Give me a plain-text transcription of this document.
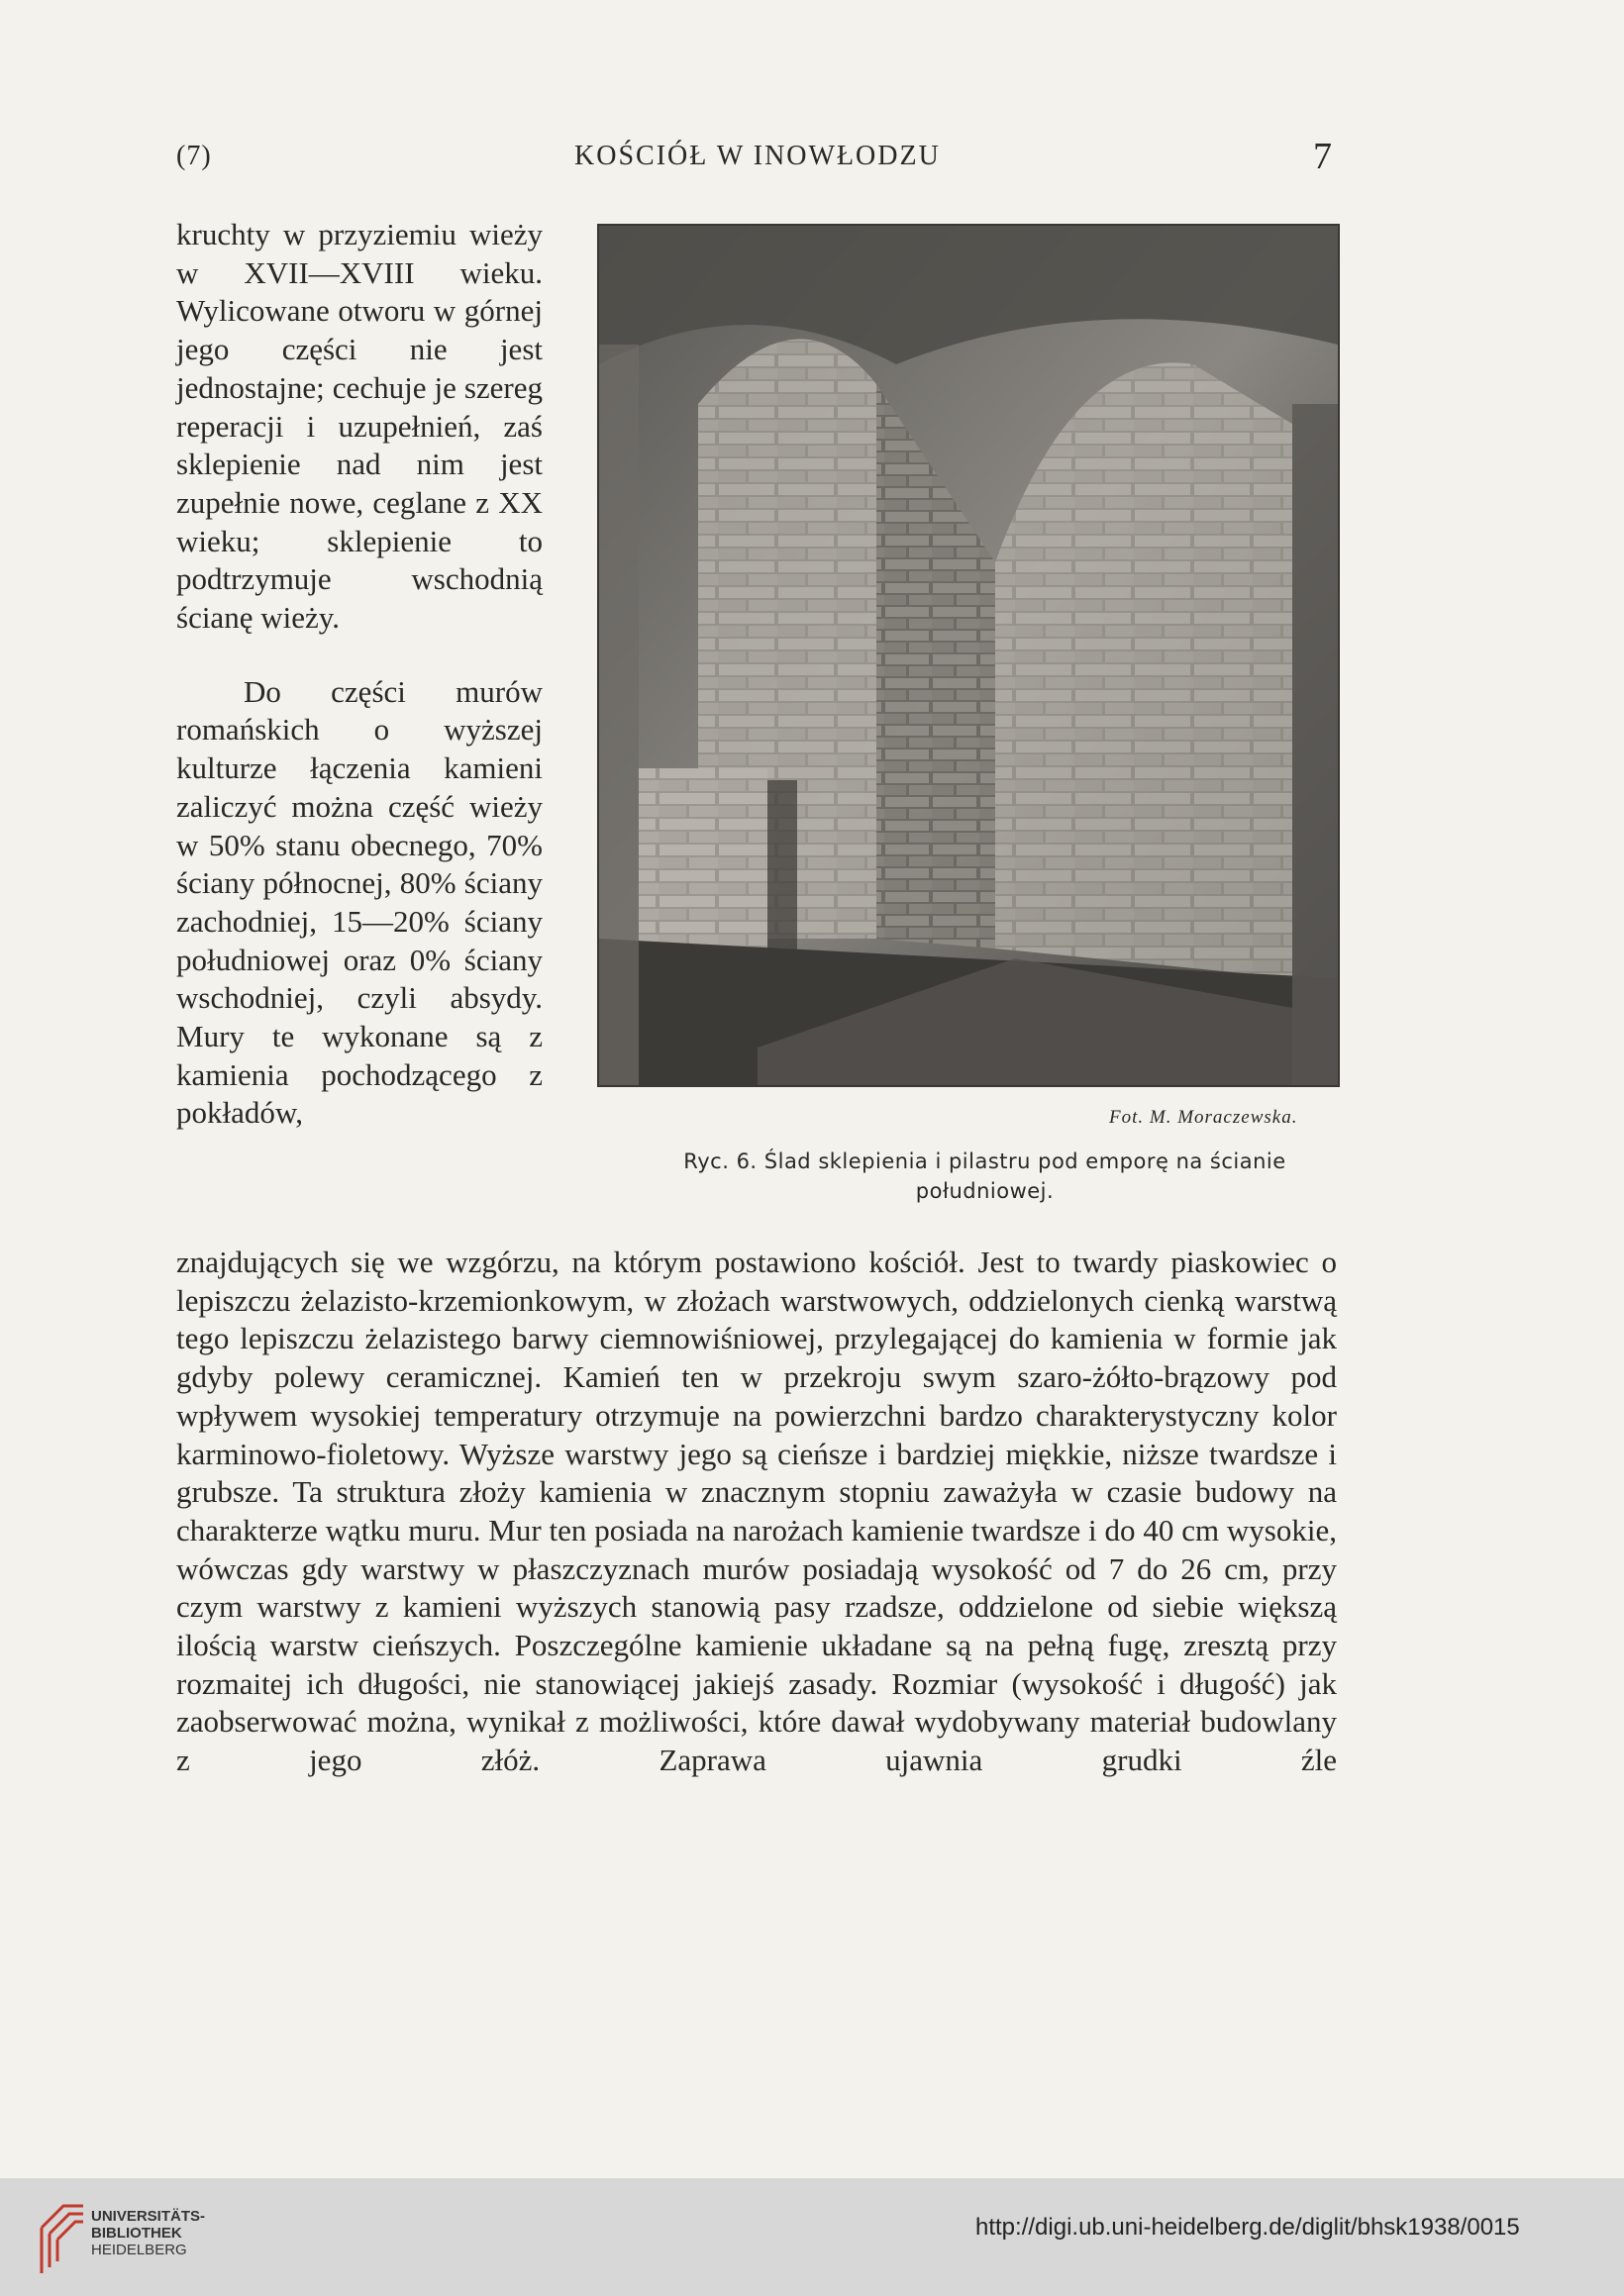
(7)	KOŚCIÓŁ W INOWŁODZU	7

kruchty w przyziemiu wieży w XVII—XVIII wieku. Wylicowane otworu w górnej jego części nie jest jednostajne; cechuje je szereg reperacji i uzupełnień, zaś sklepienie nad nim jest zupełnie nowe, ceglane z XX wieku; sklepienie to podtrzymuje wschodnią ścianę wieży.

Do części murów romańskich o wyższej kulturze łączenia kamieni zaliczyć można część wieży w 50% stanu obecnego, 70% ściany północnej, 80% ściany zachodniej, 15—20% ściany południowej oraz 0% ściany wschodniej, czyli absydy. Mury te wykonane są z kamienia pochodzącego z pokładów,	Fot. M. Moraczewska.
Ryc. 6. Ślad sklepienia i pilastru pod emporę na ścianie południowej.
znajdujących się we wzgórzu, na którym postawiono kościół. Jest to twardy piaskowiec o lepiszczu żelazisto-krzemionkowym, w złożach warstwowych, oddzielonych cienką warstwą tego lepiszczu żelazistego barwy ciemnowiśniowej, przylegającej do kamienia w formie jak gdyby polewy ceramicznej. Kamień ten w przekroju swym szaro-żółto-brązowy pod wpływem wysokiej temperatury otrzymuje na powierzchni bardzo charakterystyczny kolor karminowo-fioletowy. Wyższe warstwy jego są cieńsze i bardziej miękkie, niższe twardsze i grubsze. Ta struktura złoży kamienia w znacznym stopniu zaważyła w czasie budowy na charakterze wątku muru. Mur ten posiada na narożach kamienie twardsze i do 40 cm wysokie, wówczas gdy warstwy w płaszczyznach murów posiadają wysokość od 7 do 26 cm, przy czym warstwy z kamieni wyższych stanowią pasy rzadsze, oddzielone od siebie większą ilością warstw cieńszych. Poszczególne kamienie układane są na pełną fugę, zresztą przy rozmaitej ich długości, nie stanowiącej jakiejś zasady. Rozmiar (wysokość i długość) jak zaobserwować można, wynikał z możliwości, które dawał wydobywany materiał budowlany z jego złóż. Zaprawa ujawnia grudki źle
UNIVERSITÄTS-
BIBLIOTHEK
HEIDELBERG
http://digi.ub.uni-heidelberg.de/diglit/bhsk1938/0015
